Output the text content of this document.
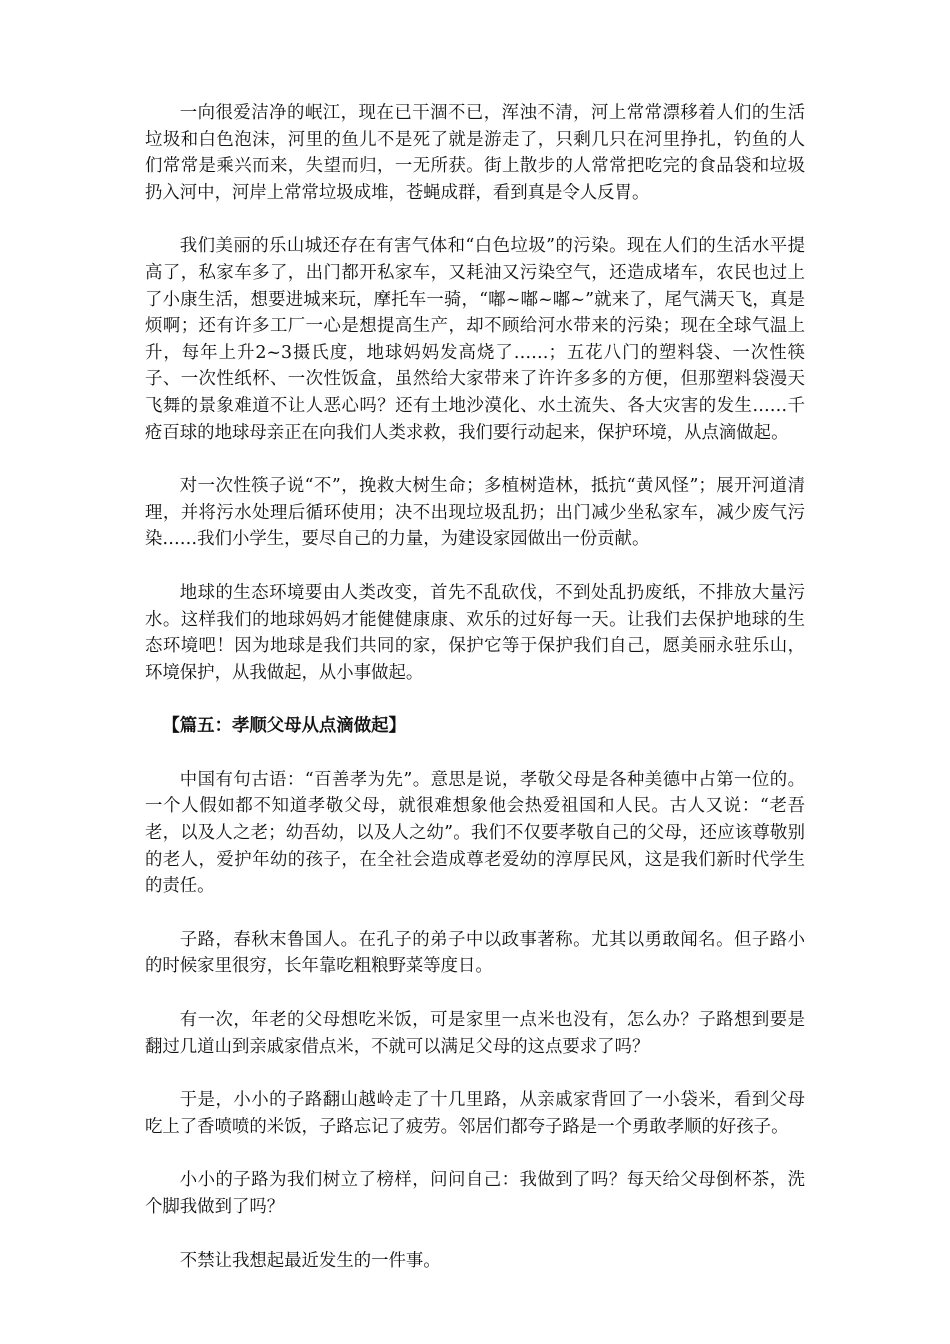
一向很爱洁净的岷江，现在已干涸不已，浑浊不清，河上常常漂移着人们的生活垃圾和白色泡沫，河里的鱼儿不是死了就是游走了，只剩几只在河里挣扎，钓鱼的人们常常是乘兴而来，失望而归，一无所获。街上散步的人常常把吃完的食品袋和垃圾扔入河中，河岸上常常垃圾成堆，苍蝇成群，看到真是令人反胃。

我们美丽的乐山城还存在有害气体和“白色垃圾”的污染。现在人们的生活水平提高了，私家车多了，出门都开私家车，又耗油又污染空气，还造成堵车，农民也过上了小康生活，想要进城来玩，摩托车一骑，“嘟~嘟~嘟~”就来了，尾气满天飞，真是烦啊；还有许多工厂一心是想提高生产，却不顾给河水带来的污染；现在全球气温上升，每年上升2~3摄氏度，地球妈妈发高烧了……；五花八门的塑料袋、一次性筷子、一次性纸杯、一次性饭盒，虽然给大家带来了许许多多的方便，但那塑料袋漫天飞舞的景象难道不让人恶心吗？还有土地沙漠化、水土流失、各大灾害的发生……千疮百球的地球母亲正在向我们人类求救，我们要行动起来，保护环境，从点滴做起。

对一次性筷子说“不”，挽救大树生命；多植树造林，抵抗“黄风怪”；展开河道清理，并将污水处理后循环使用；决不出现垃圾乱扔；出门减少坐私家车，减少废气污染……我们小学生，要尽自己的力量，为建设家园做出一份贡献。

地球的生态环境要由人类改变，首先不乱砍伐，不到处乱扔废纸，不排放大量污水。这样我们的地球妈妈才能健健康康、欢乐的过好每一天。让我们去保护地球的生态环境吧！因为地球是我们共同的家，保护它等于保护我们自己，愿美丽永驻乐山，环境保护，从我做起，从小事做起。

【篇五：孝顺父母从点滴做起】

中国有句古语：“百善孝为先”。意思是说，孝敬父母是各种美德中占第一位的。一个人假如都不知道孝敬父母，就很难想象他会热爱祖国和人民。古人又说：“老吾老，以及人之老；幼吾幼，以及人之幼”。我们不仅要孝敬自己的父母，还应该尊敬别的老人，爱护年幼的孩子，在全社会造成尊老爱幼的淳厚民风，这是我们新时代学生的责任。

子路，春秋末鲁国人。在孔子的弟子中以政事著称。尤其以勇敢闻名。但子路小的时候家里很穷，长年靠吃粗粮野菜等度日。

有一次，年老的父母想吃米饭，可是家里一点米也没有，怎么办？子路想到要是翻过几道山到亲戚家借点米，不就可以满足父母的这点要求了吗？

于是，小小的子路翻山越岭走了十几里路，从亲戚家背回了一小袋米，看到父母吃上了香喷喷的米饭，子路忘记了疲劳。邻居们都夸子路是一个勇敢孝顺的好孩子。

小小的子路为我们树立了榜样，问问自己：我做到了吗？每天给父母倒杯茶，洗个脚我做到了吗？

不禁让我想起最近发生的一件事。
